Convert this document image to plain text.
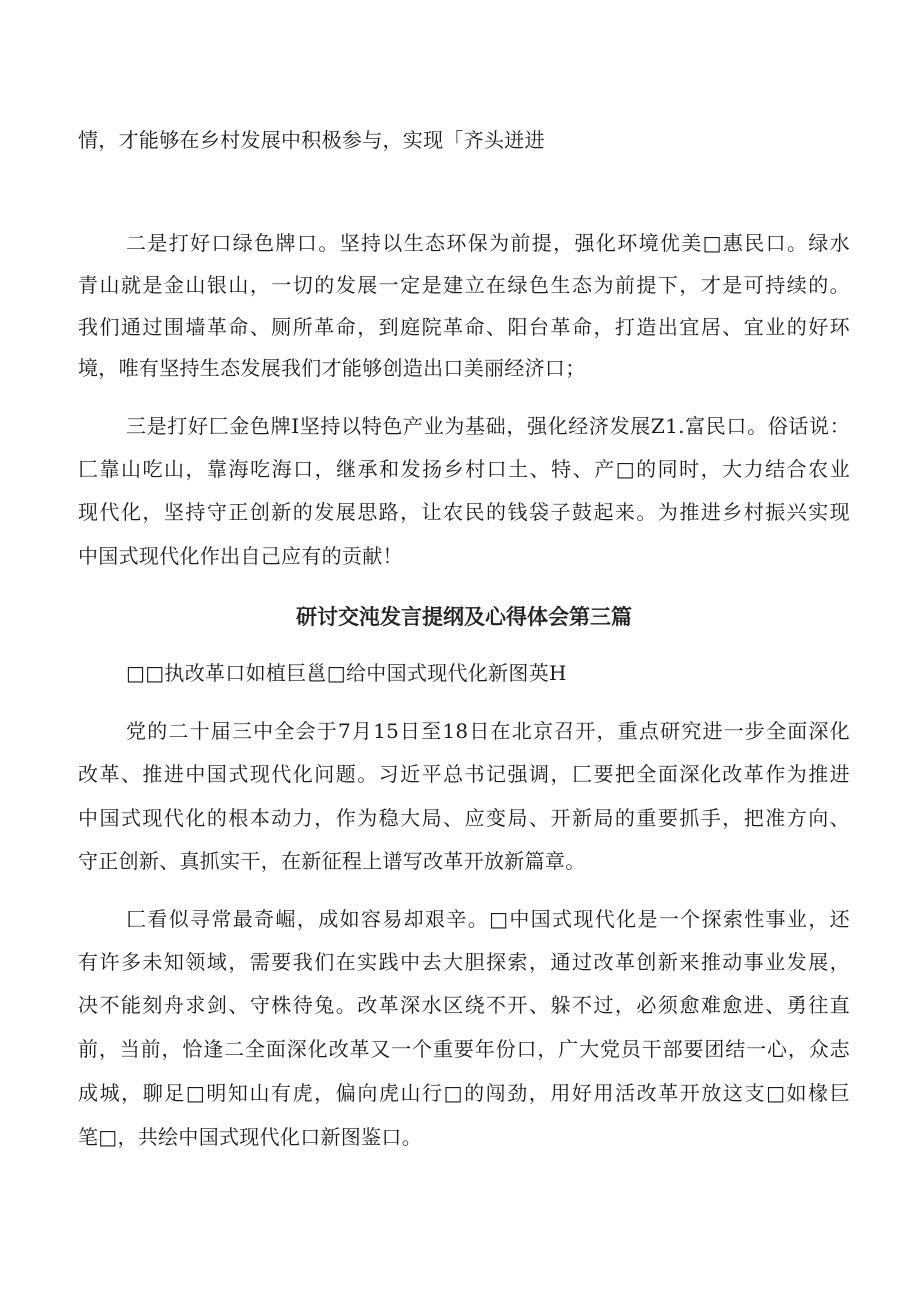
情，才能够在乡村发展中积极参与，实现「齐头迸进

二是打好口绿色牌口。坚持以生态环保为前提，强化环境优美□惠民口。绿水

青山就是金山银山，一切的发展一定是建立在绿色生态为前提下，才是可持续的。

我们通过围墙革命、厕所革命，到庭院革命、阳台革命，打造出宜居、宜业的好环

境，唯有坚持生态发展我们才能够创造出口美丽经济口；

三是打好匚金色牌I坚持以特色产业为基础，强化经济发展Z1.富民口。俗话说：

匚靠山吃山，靠海吃海口，继承和发扬乡村口土、特、产□的同时，大力结合农业

现代化，坚持守正创新的发展思路，让农民的钱袋子鼓起来。为推进乡村振兴实现

中国式现代化作出自己应有的贡献！

研讨交沌发言提纲及心得体会第三篇

□□执改革口如植巨邕□给中国式现代化新图英H

党的二十届三中全会于7月15日至18日在北京召开，重点研究进一步全面深化

改革、推进中国式现代化问题。习近平总书记强调，匚要把全面深化改革作为推进

中国式现代化的根本动力，作为稳大局、应变局、开新局的重要抓手，把准方向、

守正创新、真抓实干，在新征程上谱写改革开放新篇章。

匚看似寻常最奇崛，成如容易却艰辛。□中国式现代化是一个探索性事业，还

有许多未知领域，需要我们在实践中去大胆探索，通过改革创新来推动事业发展，

决不能刻舟求剑、守株待兔。改革深水区绕不开、躲不过，必须愈难愈进、勇往直

前，当前，恰逢二全面深化改革又一个重要年份口，广大党员干部要团结一心，众志

成城，聊足□明知山有虎，偏向虎山行□的闯劲，用好用活改革开放这支□如椽巨

笔□，共绘中国式现代化口新图鉴口。
